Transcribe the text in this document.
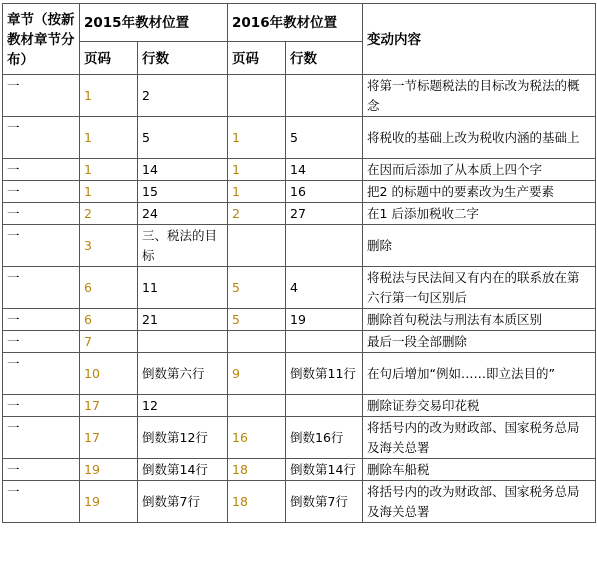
章节（按新教材章节分布）	2015年教材位置		2016年教材位置		变动内容
	页码	行数	页码	行数	
一	1	2			将第一节标题税法的目标改为税法的概念
一	1	5	1	5	将税收的基础上改为税收内涵的基础上
一	1	14	1	14	在因而后添加了从本质上四个字
一	1	15	1	16	把2 的标题中的要素改为生产要素
一	2	24	2	27	在1 后添加税收二字
一	3	三、税法的目标			删除
一	6	11	5	4	将税法与民法间又有内在的联系放在第六行第一句区别后
一	6	21	5	19	删除首句税法与刑法有本质区别
一	7				最后一段全部删除
一	10	倒数第六行	9	倒数第11行	在句后增加“例如……即立法目的”
一	17	12			删除证券交易印花税
一	17	倒数第12行	16	倒数16行	将括号内的改为财政部、国家税务总局及海关总署
一	19	倒数第14行	18	倒数第14行	删除车船税
一	19	倒数第7行	18	倒数第7行	将括号内的改为财政部、国家税务总局及海关总署
